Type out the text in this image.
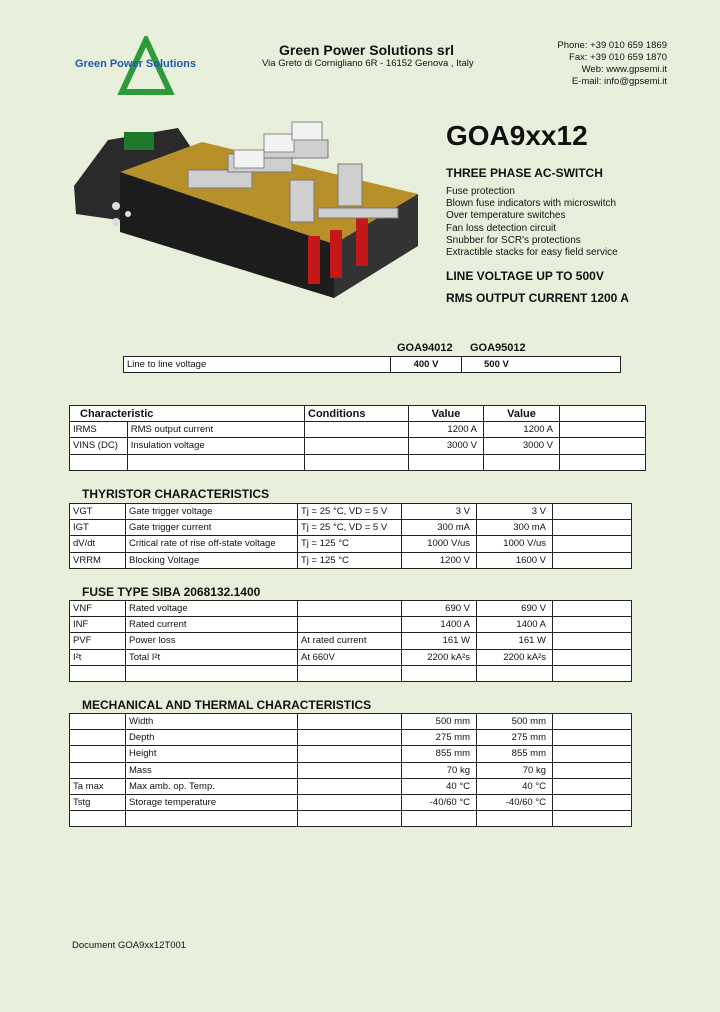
Green Power Solutions
Green Power Solutions srl
Via Greto di Cornigliano 6R - 16152 Genova , Italy
Phone: +39 010 659 1869
Fax: +39 010 659 1870
Web: www.gpsemi.it
E-mail: info@gpsemi.it
GOA9xx12
THREE PHASE AC-SWITCH
Fuse protection
Blown fuse indicators with microswitch
Over temperature switches
Fan loss detection circuit
Snubber for SCR's protections
Extractible stacks for easy field service
LINE VOLTAGE UP TO 500V
RMS OUTPUT CURRENT 1200 A
GOA94012 GOA95012
Line to line voltage	400 V	500 V
Characteristic		Conditions	Value	Value	
IRMS	RMS output current		1200 A	1200 A	
VINS (DC)	Insulation voltage		3000 V	3000 V	

THYRISTOR CHARACTERISTICS
VGT	Gate trigger voltage	Tj = 25 °C, VD = 5 V	3 V	3 V	
IGT	Gate trigger current	Tj = 25 °C, VD = 5 V	300 mA	300 mA	
dV/dt	Critical rate of rise off-state voltage	Tj = 125 °C	1000 V/us	1000 V/us	
VRRM	Blocking Voltage	Tj = 125 °C	1200 V	1600 V	
FUSE TYPE SIBA 2068132.1400
VNF	Rated voltage		690 V	690 V	
INF	Rated current		1400 A	1400 A	
PVF	Power loss	At rated current	161 W	161 W	
I²t	Total I²t	At 660V	2200 kA²s	2200 kA²s	

MECHANICAL AND THERMAL CHARACTERISTICS
	Width		500 mm	500 mm	
	Depth		275 mm	275 mm	
	Height		855 mm	855 mm	
	Mass		70 kg	70 kg	
Ta max	Max amb. op. Temp.		40 °C	40 °C	
Tstg	Storage temperature		-40/60 °C	-40/60 °C	

Document GOA9xx12T001
